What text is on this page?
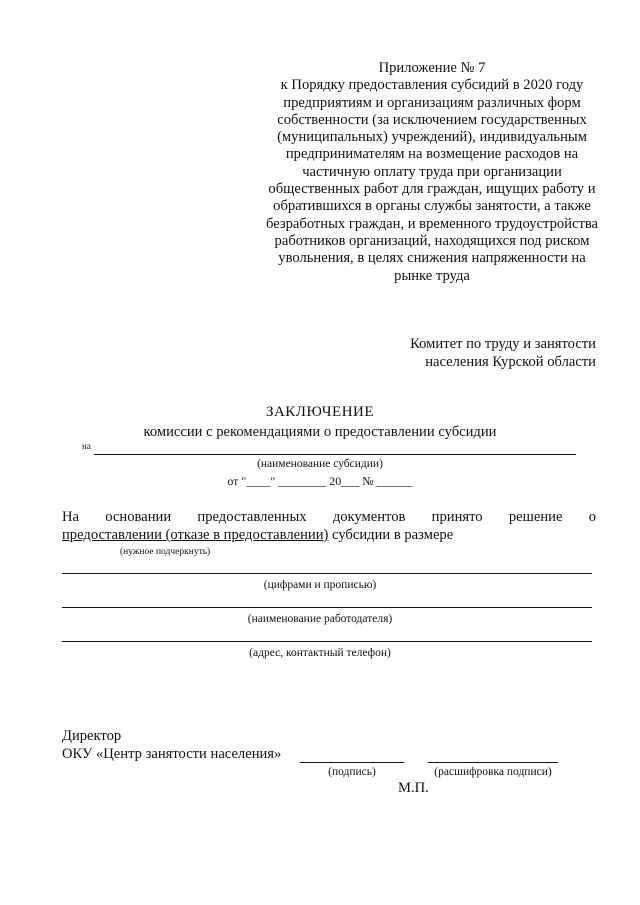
Приложение № 7
к Порядку предоставления субсидий в 2020 году
предприятиям и организациям различных форм
собственности (за исключением государственных
(муниципальных) учреждений), индивидуальным
предпринимателям на возмещение расходов на
частичную оплату труда при организации
общественных работ для граждан, ищущих работу и
обратившихся в органы службы занятости, а также
безработных граждан, и временного трудоустройства
работников организаций, находящихся под риском
увольнения, в целях снижения напряженности на
рынке труда
Комитет по труду и занятости
населения Курской области
ЗАКЛЮЧЕНИЕ
комиссии с рекомендациями о предоставлении субсидии
на
(наименование субсидии)
от "____" ________ 20___ № ______
На основании предоставленных документов принято решение о
предоставлении (отказе в предоставлении) субсидии в размере
(нужное подчеркнуть)
(цифрами и прописью)
(наименование работодателя)
(адрес, контактный телефон)
Директор
ОКУ «Центр занятости населения»
(подпись)	(расшифровка подписи)
М.П.
